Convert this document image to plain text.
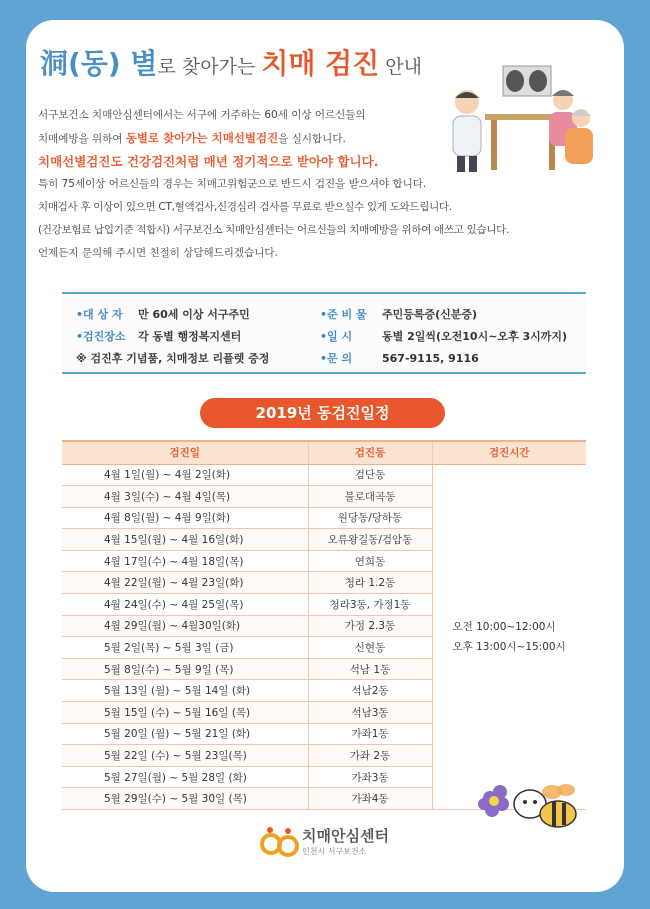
洞(동) 별로 찾아가는 치매 검진 안내

서구보건소 치매안심센터에서는 서구에 거주하는 60세 이상 어르신들의

치매예방을 위하여 동별로 찾아가는 치매선별검진을 실시합니다.

치매선별검진도 건강검진처럼 매년 정기적으로 받아야 합니다.

특히 75세이상 어르신들의 경우는 치매고위험군으로 반드시 검진을 받으셔야 합니다.

치매검사 후 이상이 있으면 CT,혈액검사,신경심리 검사를 무료로 받으실수 있게 도와드립니다.

(건강보험료 납입기준 적합시) 서구보건소 치매안심센터는 어르신들의 치매예방을 위하여 애쓰고 있습니다.

언제든지 문의해 주시면 친절히 상담해드리겠습니다.

•대 상 자 만 60세 이상 서구주민
•검진장소 각 동별 행정복지센터
※ 검진후 기념품, 치매정보 리플렛 증정
•준 비 물 주민등록증(신분증)
•일 시	동별 2일씩(오전10시~오후 3시까지)
•문 의	567-9115, 9116
2019년 동검진일정
검진일	검진동	검진시간
4월 1일(월) ~ 4월 2일(화)	검단동	오전 10:00~12:00시
오후 13:00시~15:00시

4월 3일(수) ~ 4월 4일(목)	불로대곡동	
4월 8일(월) ~ 4월 9일(화)	원당동/당하동	
4월 15일(월) ~ 4월 16일(화)	오류왕길동/검암동	
4월 17일(수) ~ 4월 18일(목)	연희동	
4월 22일(월) ~ 4월 23일(화)	청라 1.2동	
4월 24일(수) ~ 4월 25일(목)	청라3동, 가정1동	
4월 29일(월) ~ 4월30일(화)	가정 2.3동	
5월 2일(목) ~ 5월 3일 (금)	신현동	
5월 8일(수) ~ 5월 9일 (목)	석남 1동	
5월 13일 (월) ~ 5월 14일 (화)	석남2동	
5월 15일 (수) ~ 5월 16일 (목)	석남3동	
5월 20일 (월) ~ 5월 21일 (화)	가좌1동	
5월 22일 (수) ~ 5월 23일(목)	가좌 2동	
5월 27일(월) ~ 5월 28일 (화)	가좌3동	
5월 29일(수) ~ 5월 30일 (목)	가좌4동	
치매안심센터
인천시 서구보건소
